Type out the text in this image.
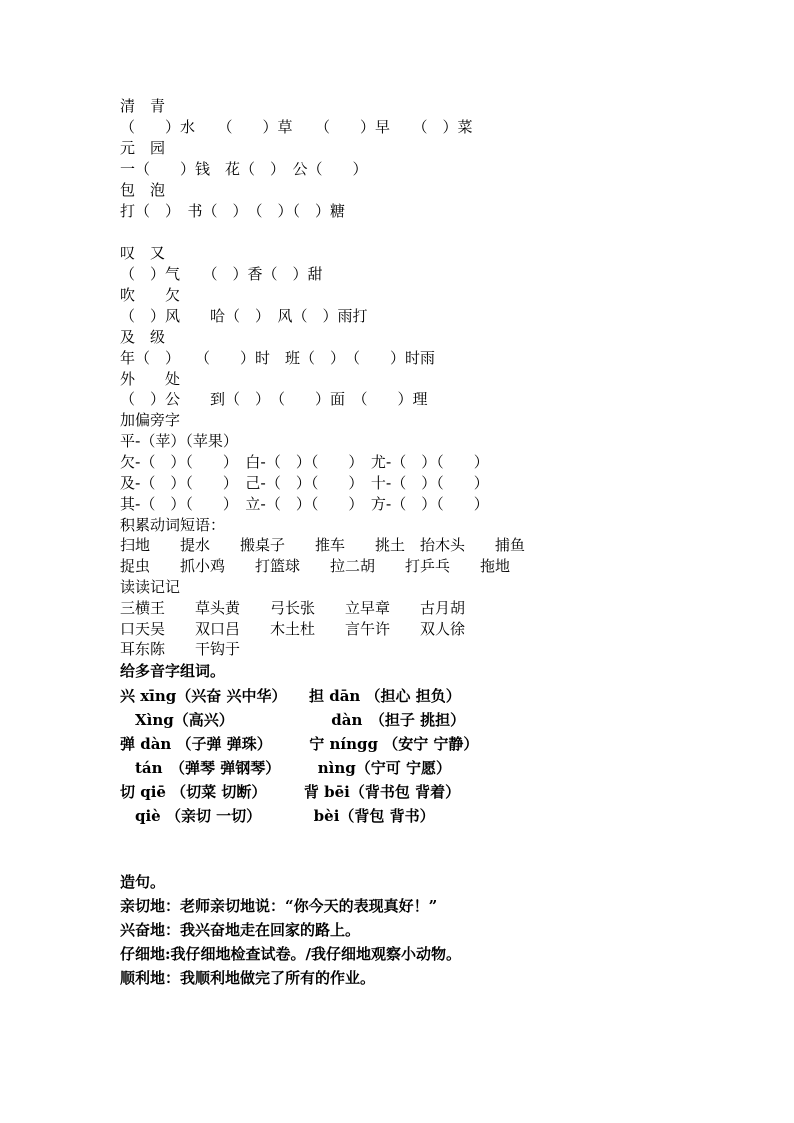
清　青
（　　）水　　（　　）草　　（　　）早　　（　）菜
元　园
一（　　）钱　花（　）　公（　　）
包　泡
打（　）　书（　）　（　）（　）糖
叹　又
（　）气　　（　）香（　）甜
吹　　欠
（　）风　　哈（　）　风（　）雨打
及　级
年（　）　　（　　）时　班（　）　（　　）时雨
外　　处
（　）公　　到（　）　（　　）面　（　　）理
加偏旁字
平-（苹）（苹果）
欠-（　）（　　）　白-（　）（　　）　尤-（　）（　　）
及-（　）（　　）　己-（　）（　　）　十-（　）（　　）
其-（　）（　　）　立-（　）（　　）　方-（　）（　　）
积累动词短语：
扫地　　提水　　搬桌子　　推车　　挑土　抬木头　　捕鱼
捉虫　　抓小鸡　　打篮球　　拉二胡　　打乒乓　　拖地
读读记记
三横王　　草头黄　　弓长张　　立早章　　古月胡
口天吴　　双口吕　　木土杜　　言午许　　双人徐
耳东陈　　干钩于
给多音字组词。
兴 xīng（兴奋 兴中华）　　担 dān （担心 担负）
　Xìng（高兴）　　　　　　　dàn　（担子 挑担）
弹 dàn （子弹 弹珠）　　　宁 níngg （安宁 宁静）
　tán　（弹琴 弹钢琴）　　　nìng（宁可 宁愿）
切 qiē （切菜 切断）　　　背 bēi（背书包 背着）
　qiè （亲切 一切）　　　　bèi（背包 背书）
造句。
亲切地：老师亲切地说：“你今天的表现真好！”
兴奋地：我兴奋地走在回家的路上。
仔细地:我仔细地检查试卷。/我仔细地观察小动物。
顺利地：我顺利地做完了所有的作业。
